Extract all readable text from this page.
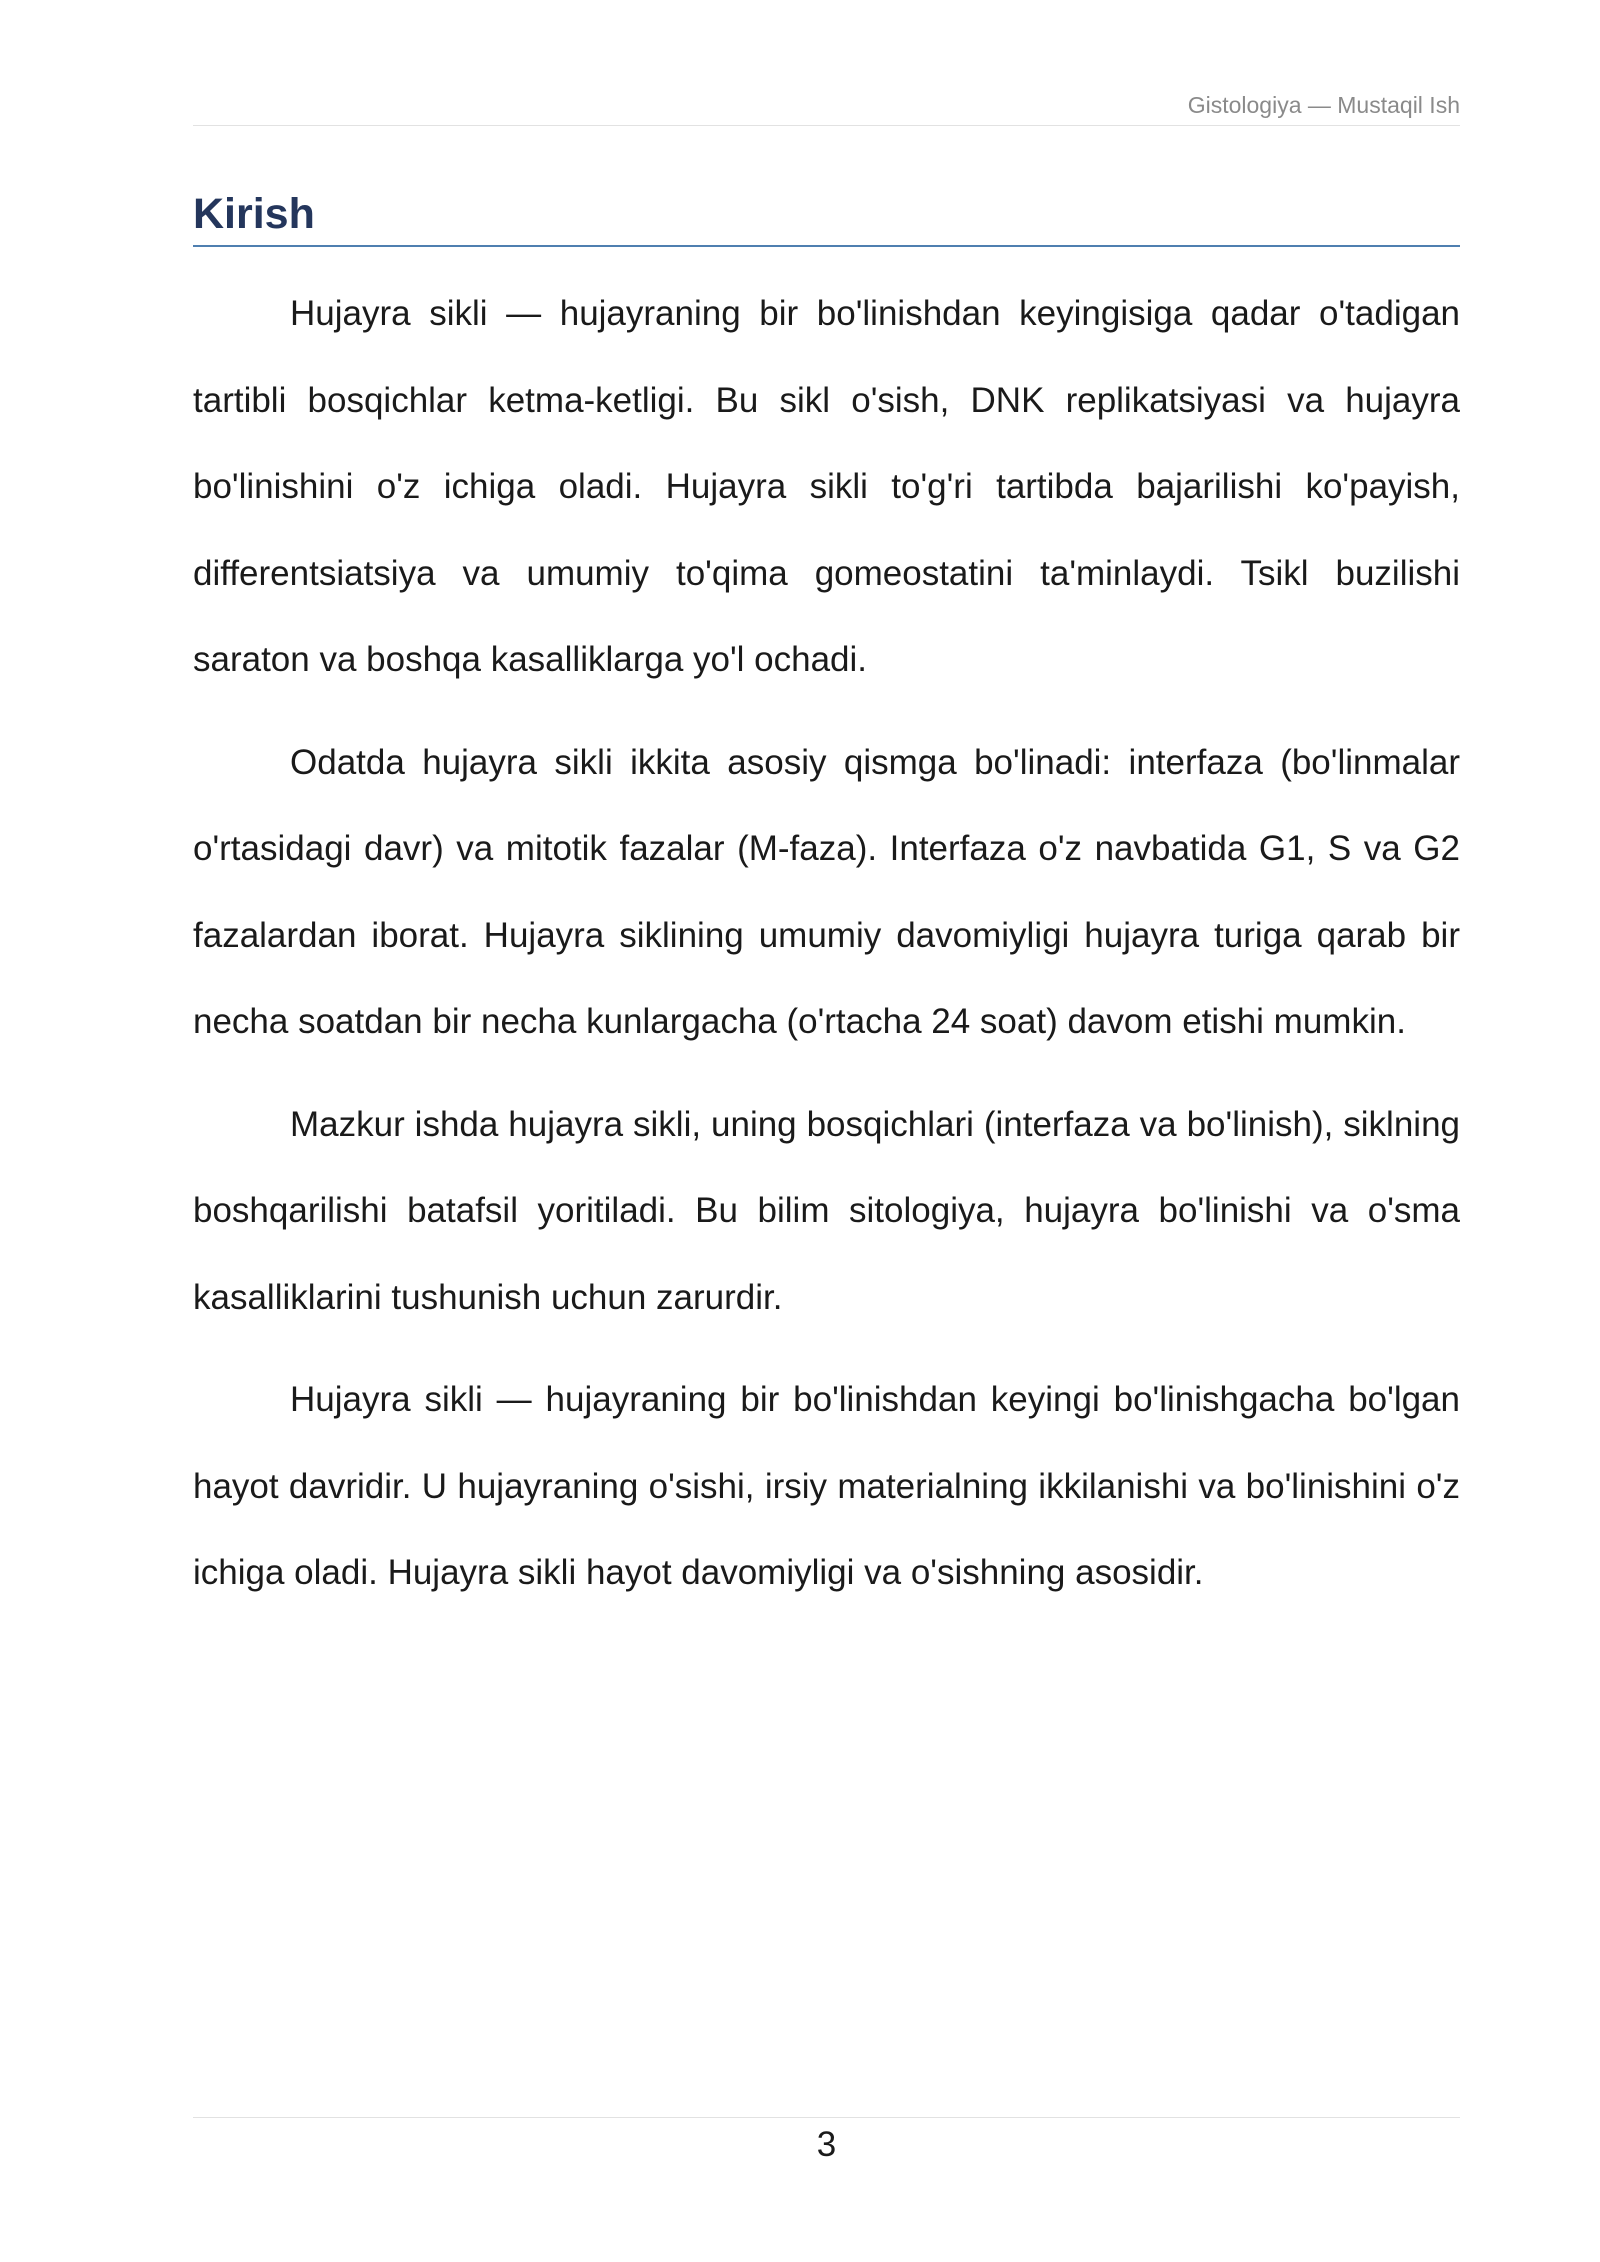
Gistologiya — Mustaqil Ish
Kirish

Hujayra sikli — hujayraning bir bo'linishdan keyingisiga qadar o'tadigan tartibli bosqichlar ketma-ketligi. Bu sikl o'sish, DNK replikatsiyasi va hujayra bo'linishini o'z ichiga oladi. Hujayra sikli to'g'ri tartibda bajarilishi ko'payish, differentsiatsiya va umumiy to'qima gomeostatini ta'minlaydi. Tsikl buzilishi saraton va boshqa kasalliklarga yo'l ochadi.

Odatda hujayra sikli ikkita asosiy qismga bo'linadi: interfaza (bo'linmalar o'rtasidagi davr) va mitotik fazalar (M-faza). Interfaza o'z navbatida G1, S va G2 fazalardan iborat. Hujayra siklining umumiy davomiyligi hujayra turiga qarab bir necha soatdan bir necha kunlargacha (o'rtacha 24 soat) davom etishi mumkin.

Mazkur ishda hujayra sikli, uning bosqichlari (interfaza va bo'linish), siklning boshqarilishi batafsil yoritiladi. Bu bilim sitologiya, hujayra bo'linishi va o'sma kasalliklarini tushunish uchun zarurdir.

Hujayra sikli — hujayraning bir bo'linishdan keyingi bo'linishgacha bo'lgan hayot davridir. U hujayraning o'sishi, irsiy materialning ikkilanishi va bo'linishini o'z ichiga oladi. Hujayra sikli hayot davomiyligi va o'sishning asosidir.

3
